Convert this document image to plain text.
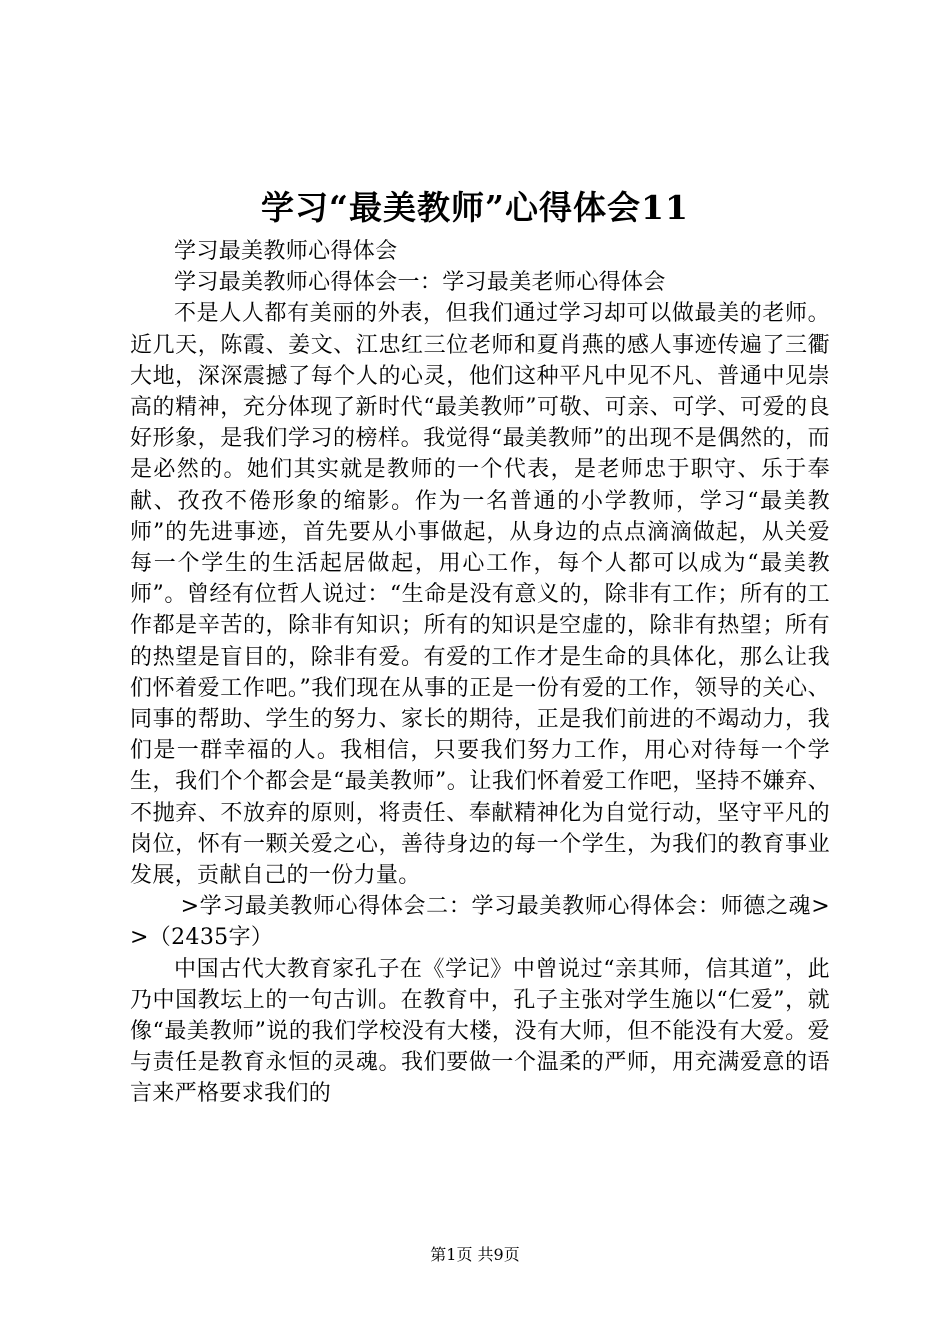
学习“最美教师”心得体会11

学习最美教师心得体会

学习最美教师心得体会一：学习最美老师心得体会

不是人人都有美丽的外表，但我们通过学习却可以做最美的老师。近几天，陈霞、姜文、江忠红三位老师和夏肖燕的感人事迹传遍了三衢大地，深深震撼了每个人的心灵，他们这种平凡中见不凡、普通中见崇高的精神，充分体现了新时代“最美教师”可敬、可亲、可学、可爱的良好形象，是我们学习的榜样。我觉得“最美教师”的出现不是偶然的，而是必然的。她们其实就是教师的一个代表，是老师忠于职守、乐于奉献、孜孜不倦形象的缩影。作为一名普通的小学教师，学习“最美教师”的先进事迹，首先要从小事做起，从身边的点点滴滴做起，从关爱每一个学生的生活起居做起，用心工作，每个人都可以成为“最美教师”。曾经有位哲人说过：“生命是没有意义的，除非有工作；所有的工作都是辛苦的，除非有知识；所有的知识是空虚的，除非有热望；所有的热望是盲目的，除非有爱。有爱的工作才是生命的具体化，那么让我们怀着爱工作吧。”我们现在从事的正是一份有爱的工作，领导的关心、同事的帮助、学生的努力、家长的期待，正是我们前进的不竭动力，我们是一群幸福的人。我相信，只要我们努力工作，用心对待每一个学生，我们个个都会是“最美教师”。让我们怀着爱工作吧，坚持不嫌弃、不抛弃、不放弃的原则，将责任、奉献精神化为自觉行动，坚守平凡的岗位，怀有一颗关爱之心，善待身边的每一个学生，为我们的教育事业发展，贡献自己的一份力量。

>学习最美教师心得体会二：学习最美教师心得体会：师德之魂>>（2435字）

中国古代大教育家孔子在《学记》中曾说过“亲其师，信其道”，此乃中国教坛上的一句古训。在教育中，孔子主张对学生施以“仁爱”，就像“最美教师”说的我们学校没有大楼，没有大师，但不能没有大爱。爱与责任是教育永恒的灵魂。我们要做一个温柔的严师，用充满爱意的语言来严格要求我们的

第1页 共9页
